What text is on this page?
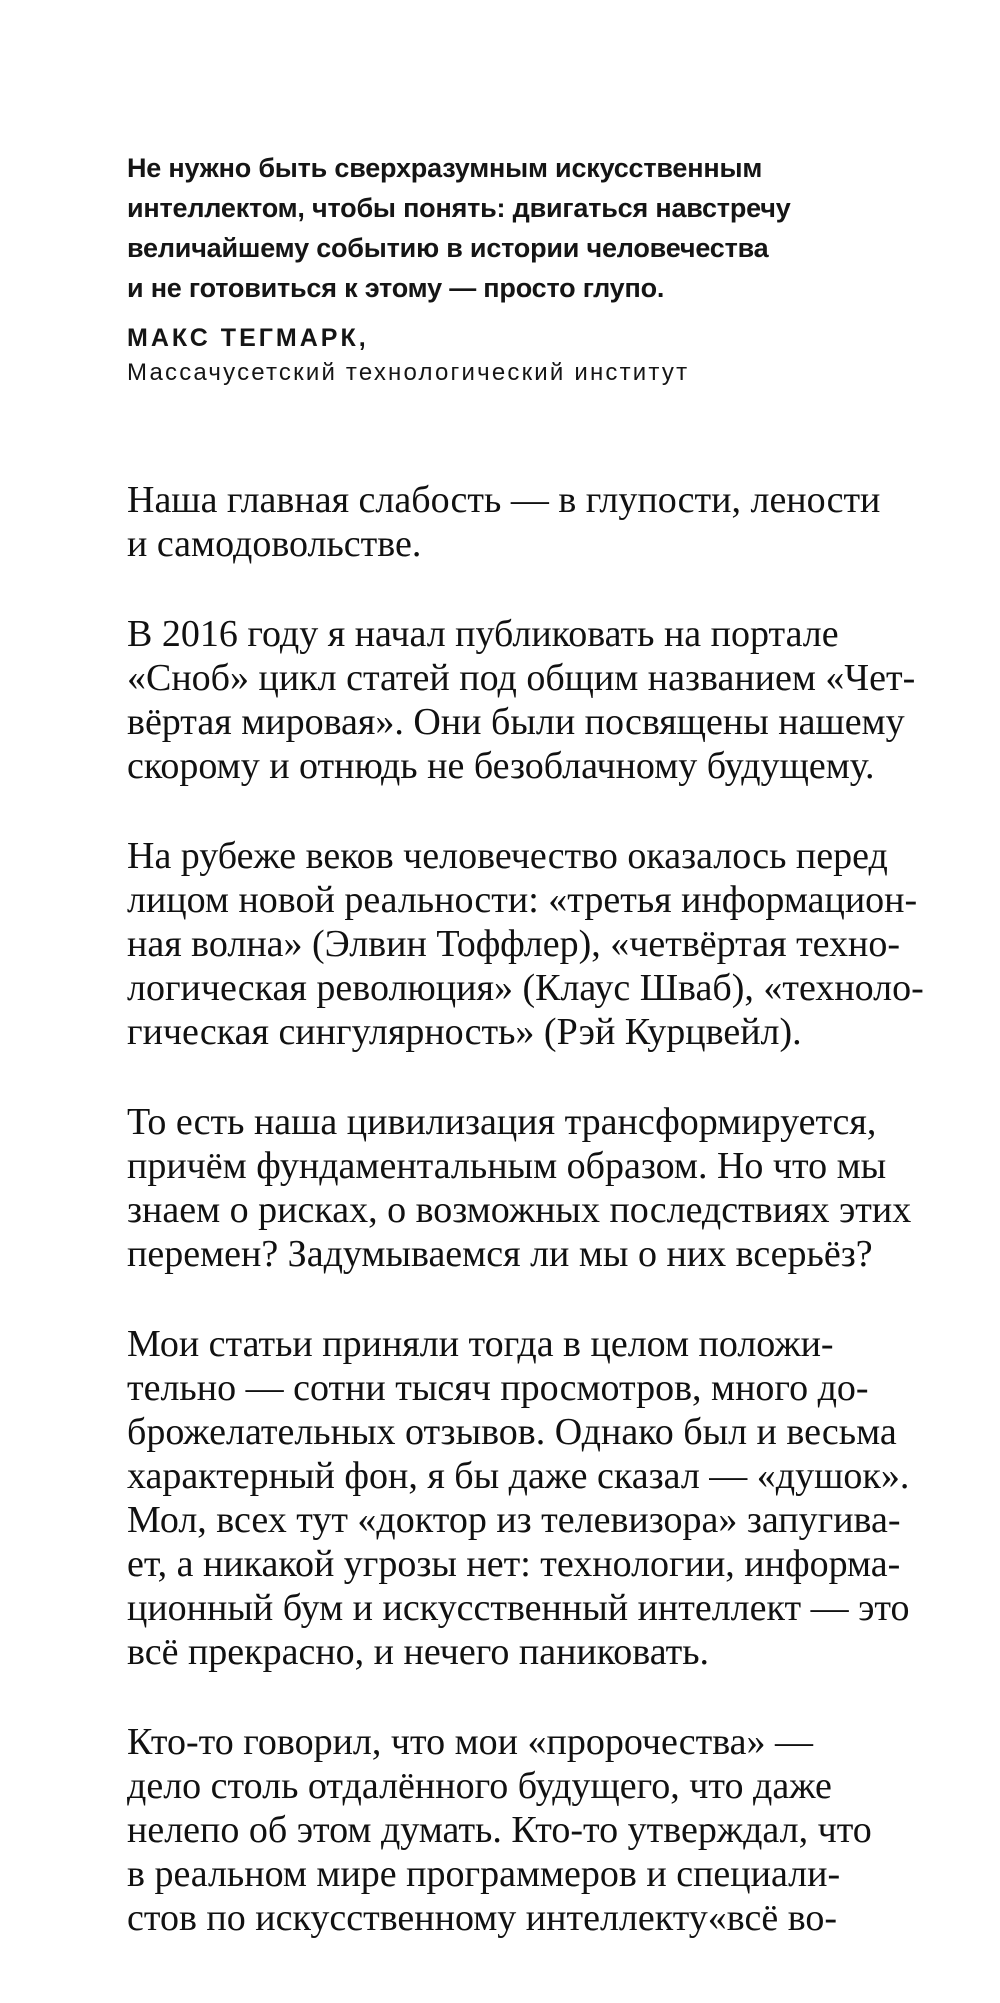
Не нужно быть сверхразумным искусственным
интеллектом, чтобы понять: двигаться навстречу
величайшему событию в истории человечества
и не готовиться к этому — просто глупо.
МАКС ТЕГМАРК,
Массачусетский технологический институт

Наша главная слабость — в глупости, лености
и самодовольстве.

В 2016 году я начал публиковать на портале
«Сноб» цикл статей под общим названием «Чет-
вёртая мировая». Они были посвящены нашему
скорому и отнюдь не безоблачному будущему.

На рубеже веков человечество оказалось перед
лицом новой реальности: «третья информацион-
ная волна» (Элвин Тоффлер), «четвёртая техно-
логическая революция» (Клаус Шваб), «техноло-
гическая сингулярность» (Рэй Курцвейл).

То есть наша цивилизация трансформируется,
причём фундаментальным образом. Но что мы
знаем о рисках, о возможных последствиях этих
перемен? Задумываемся ли мы о них всерьёз?

Мои статьи приняли тогда в целом положи-
тельно — сотни тысяч просмотров, много до-
брожелательных отзывов. Однако был и весьма
характерный фон, я бы даже сказал — «душок».
Мол, всех тут «доктор из телевизора» запугива-
ет, а никакой угрозы нет: технологии, информа-
ционный бум и искусственный интеллект — это
всё прекрасно, и нечего паниковать.

Кто-то говорил, что мои «пророчества» —
дело столь отдалённого будущего, что даже
нелепо об этом думать. Кто-то утверждал, что
в реальном мире программеров и специали-
стов по искусственному интеллекту«всё во-
